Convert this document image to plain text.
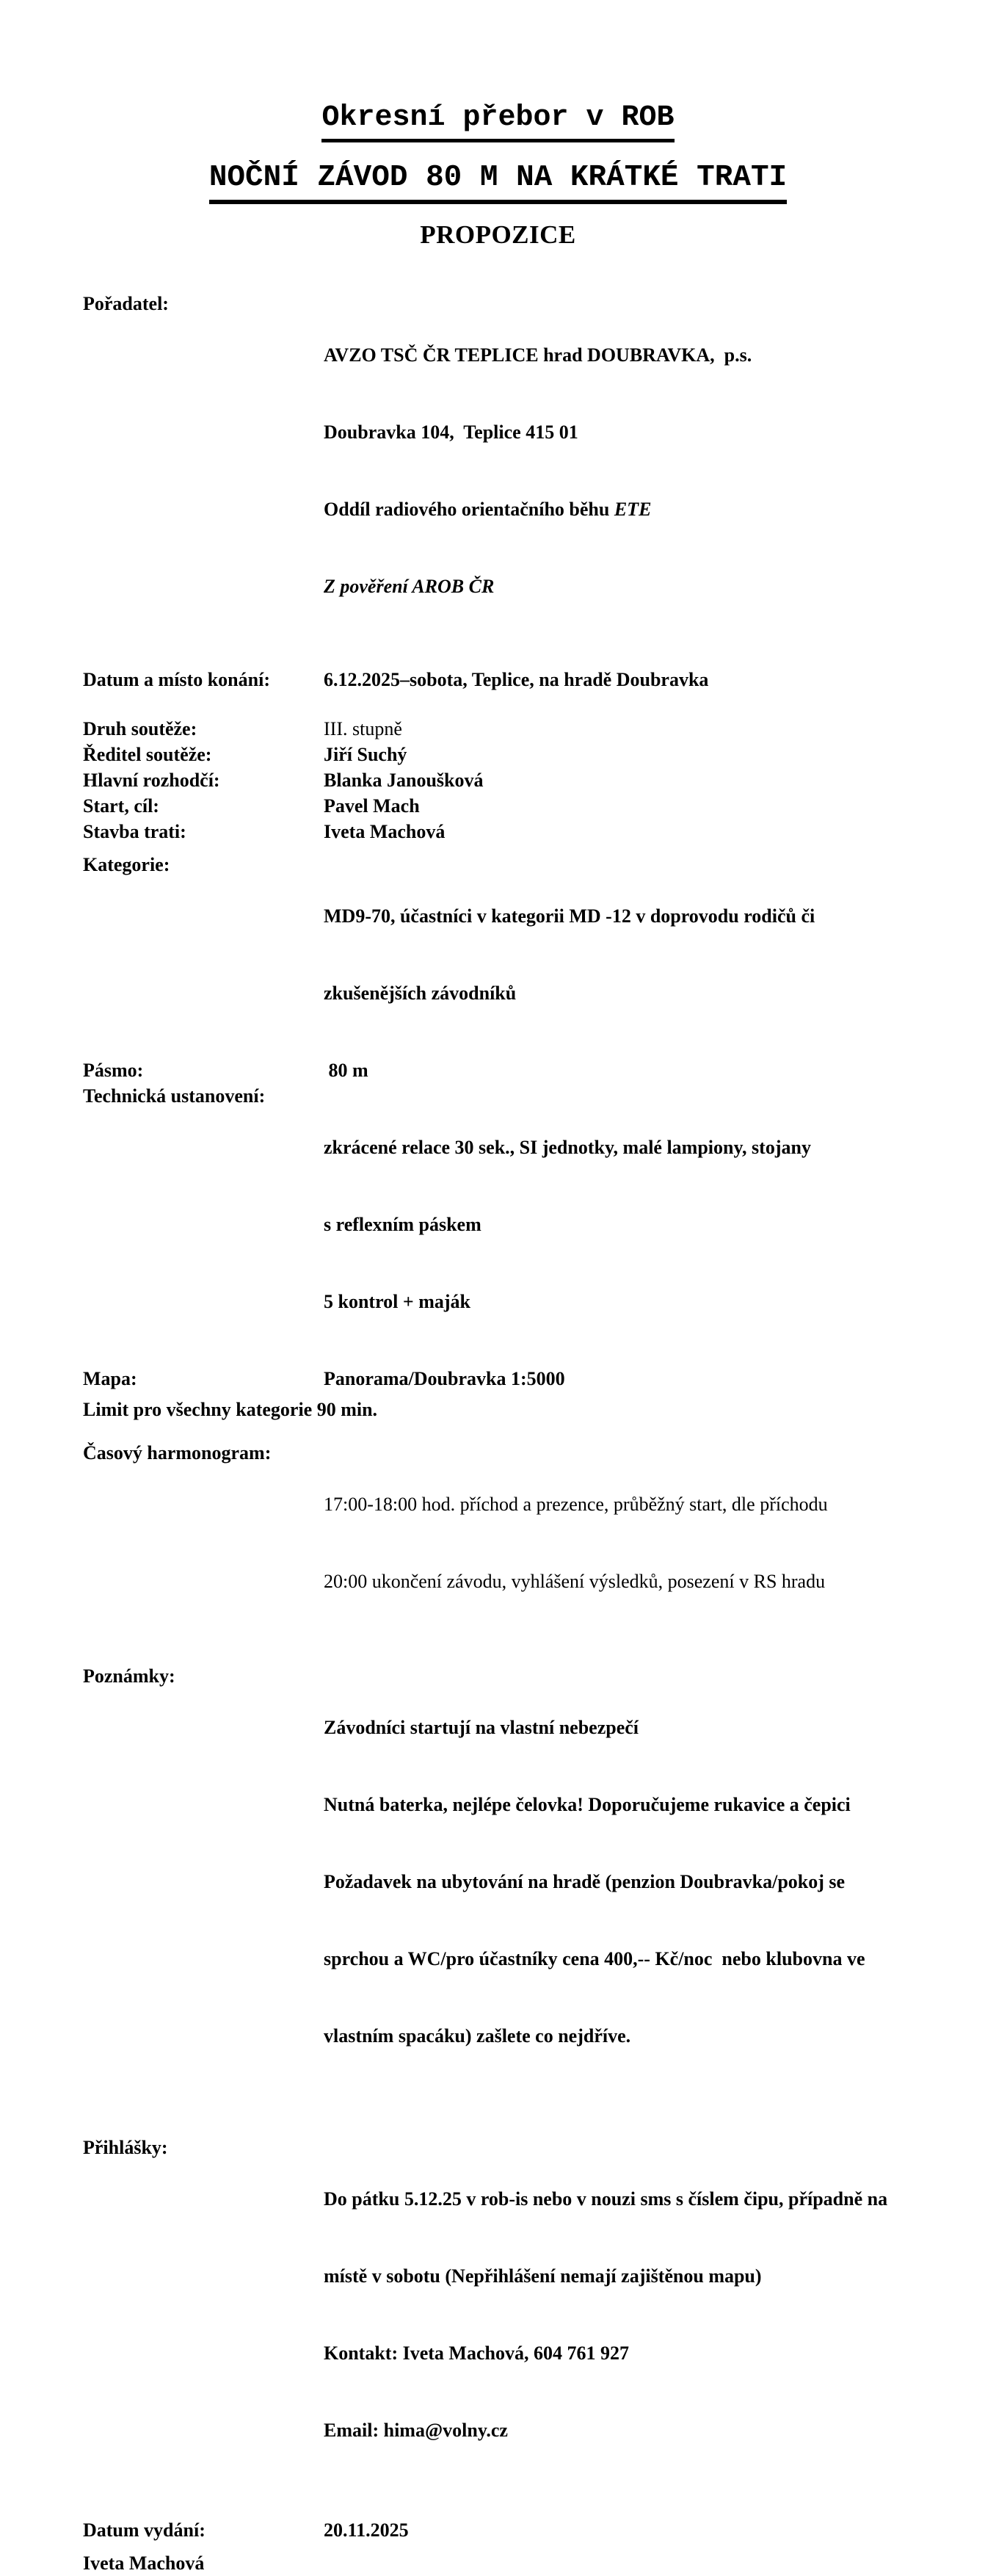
Okresní přebor v ROB
NOČNÍ ZÁVOD 80 M NA KRÁTKÉ TRATI
PROPOZICE
Pořadatel:

AVZO TSČ ČR TEPLICE hrad DOUBRAVKA,  p.s.

Doubravka 104,  Teplice 415 01

Oddíl radiového orientačního běhu ETE

Z pověření AROB ČR

Datum a místo konání:	6.12.2025–sobota, Teplice, na hradě Doubravka
Druh soutěže:	III. stupně
Ředitel soutěže:	Jiří Suchý
Hlavní rozhodčí:	Blanka Janoušková
Start, cíl:	Pavel Mach
Stavba trati:	Iveta Machová
Kategorie:

MD9-70, účastníci v kategorii MD -12 v doprovodu rodičů či

zkušenějších závodníků

Pásmo:	80 m
Technická ustanovení:

zkrácené relace 30 sek., SI jednotky, malé lampiony, stojany

s reflexním páskem

5 kontrol + maják

Mapa:	Panorama/Doubravka 1:5000
Limit pro všechny kategorie 90 min.
Časový harmonogram:

17:00-18:00 hod. příchod a prezence, průběžný start, dle příchodu

20:00 ukončení závodu, vyhlášení výsledků, posezení v RS hradu

Poznámky:

Závodníci startují na vlastní nebezpečí

Nutná baterka, nejlépe čelovka! Doporučujeme rukavice a čepici

Požadavek na ubytování na hradě (penzion Doubravka/pokoj se

sprchou a WC/pro účastníky cena 400,-- Kč/noc  nebo klubovna ve

vlastním spacáku) zašlete co nejdříve.

Přihlášky:

Do pátku 5.12.25 v rob-is nebo v nouzi sms s číslem čipu, případně na

místě v sobotu (Nepřihlášení nemají zajištěnou mapu)

Kontakt: Iveta Machová, 604 761 927

Email: hima@volny.cz

Datum vydání:	20.11.2025
Iveta Machová
